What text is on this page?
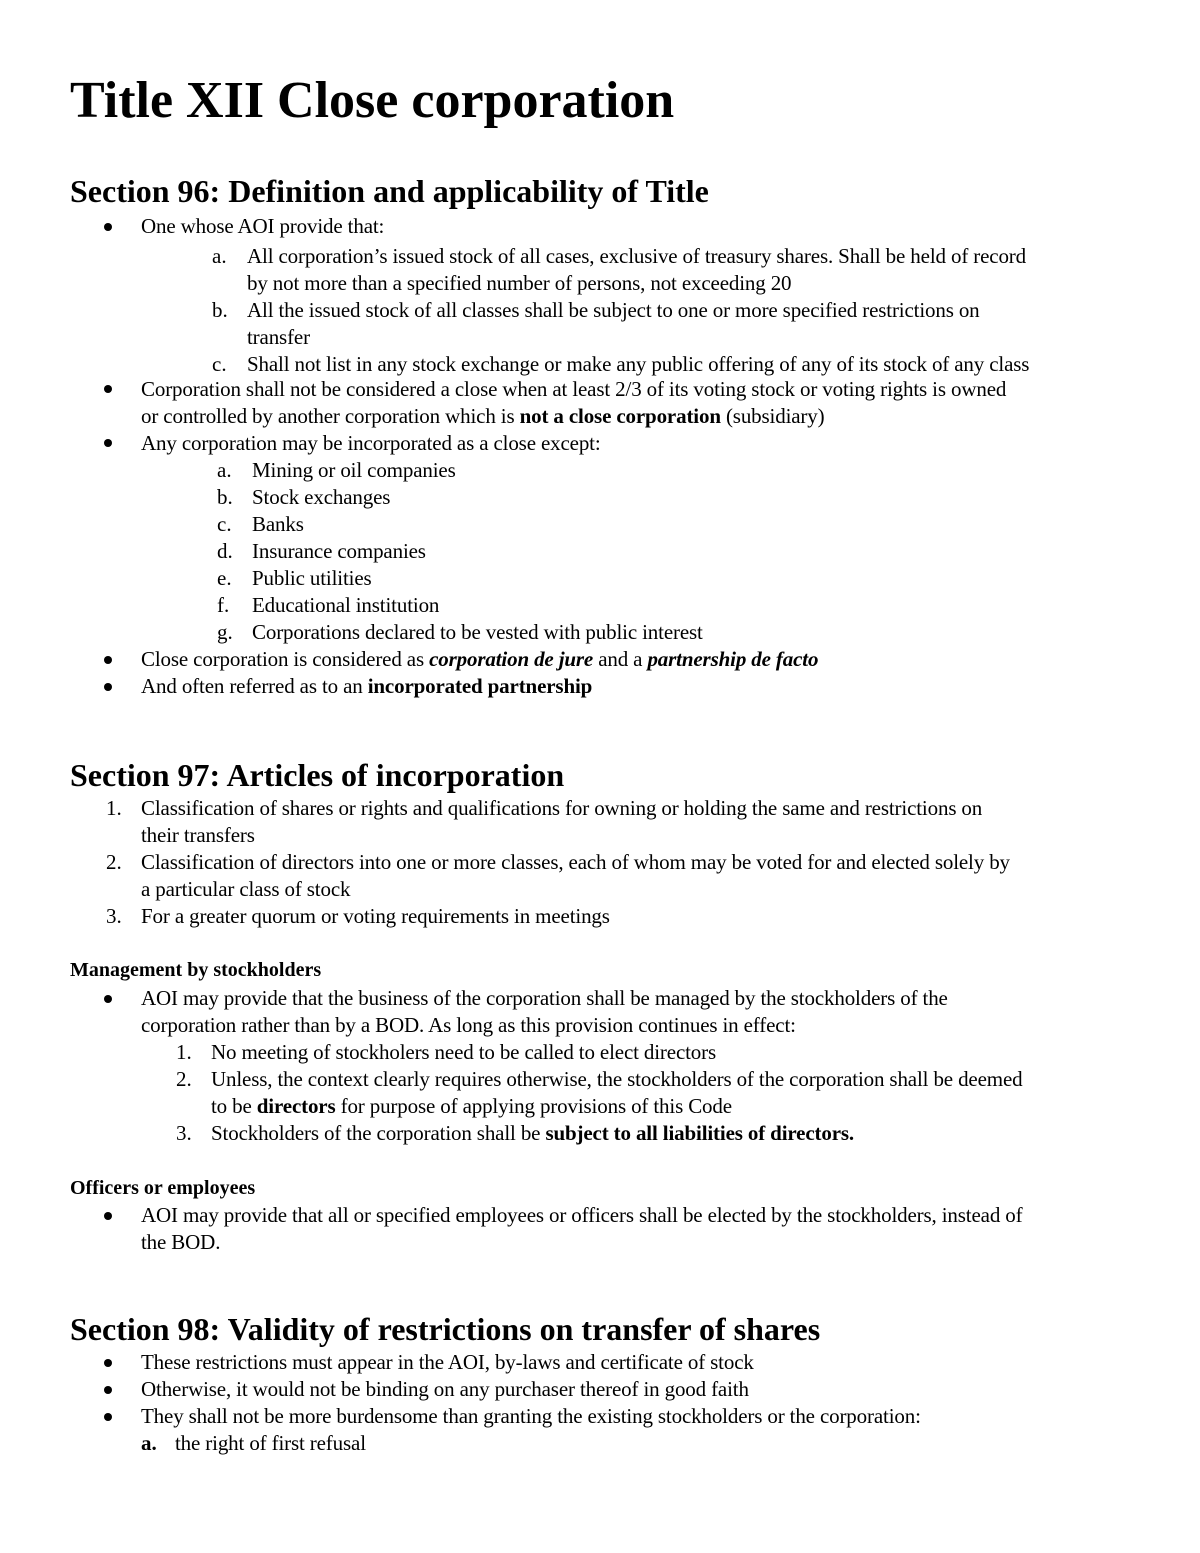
Title XII Close corporation
Section 96: Definition and applicability of Title
One whose AOI provide that:
a. All corporation’s issued stock of all cases, exclusive of treasury shares. Shall be held of record
by not more than a specified number of persons, not exceeding 20
b. All the issued stock of all classes shall be subject to one or more specified restrictions on
transfer
c. Shall not list in any stock exchange or make any public offering of any of its stock of any class
Corporation shall not be considered a close when at least 2/3 of its voting stock or voting rights is owned
or controlled by another corporation which is not a close corporation (subsidiary)
Any corporation may be incorporated as a close except:
a. Mining or oil companies
b. Stock exchanges
c. Banks
d. Insurance companies
e. Public utilities
f. Educational institution
g. Corporations declared to be vested with public interest
Close corporation is considered as corporation de jure and a partnership de facto
And often referred as to an incorporated partnership
Section 97: Articles of incorporation
1. Classification of shares or rights and qualifications for owning or holding the same and restrictions on
their transfers
2. Classification of directors into one or more classes, each of whom may be voted for and elected solely by
a particular class of stock
3. For a greater quorum or voting requirements in meetings
Management by stockholders
AOI may provide that the business of the corporation shall be managed by the stockholders of the
corporation rather than by a BOD. As long as this provision continues in effect:
1. No meeting of stockholers need to be called to elect directors
2. Unless, the context clearly requires otherwise, the stockholders of the corporation shall be deemed
to be directors for purpose of applying provisions of this Code
3. Stockholders of the corporation shall be subject to all liabilities of directors.
Officers or employees
AOI may provide that all or specified employees or officers shall be elected by the stockholders, instead of
the BOD.
Section 98: Validity of restrictions on transfer of shares
These restrictions must appear in the AOI, by-laws and certificate of stock
Otherwise, it would not be binding on any purchaser thereof in good faith
They shall not be more burdensome than granting the existing stockholders or the corporation:
a. the right of first refusal
